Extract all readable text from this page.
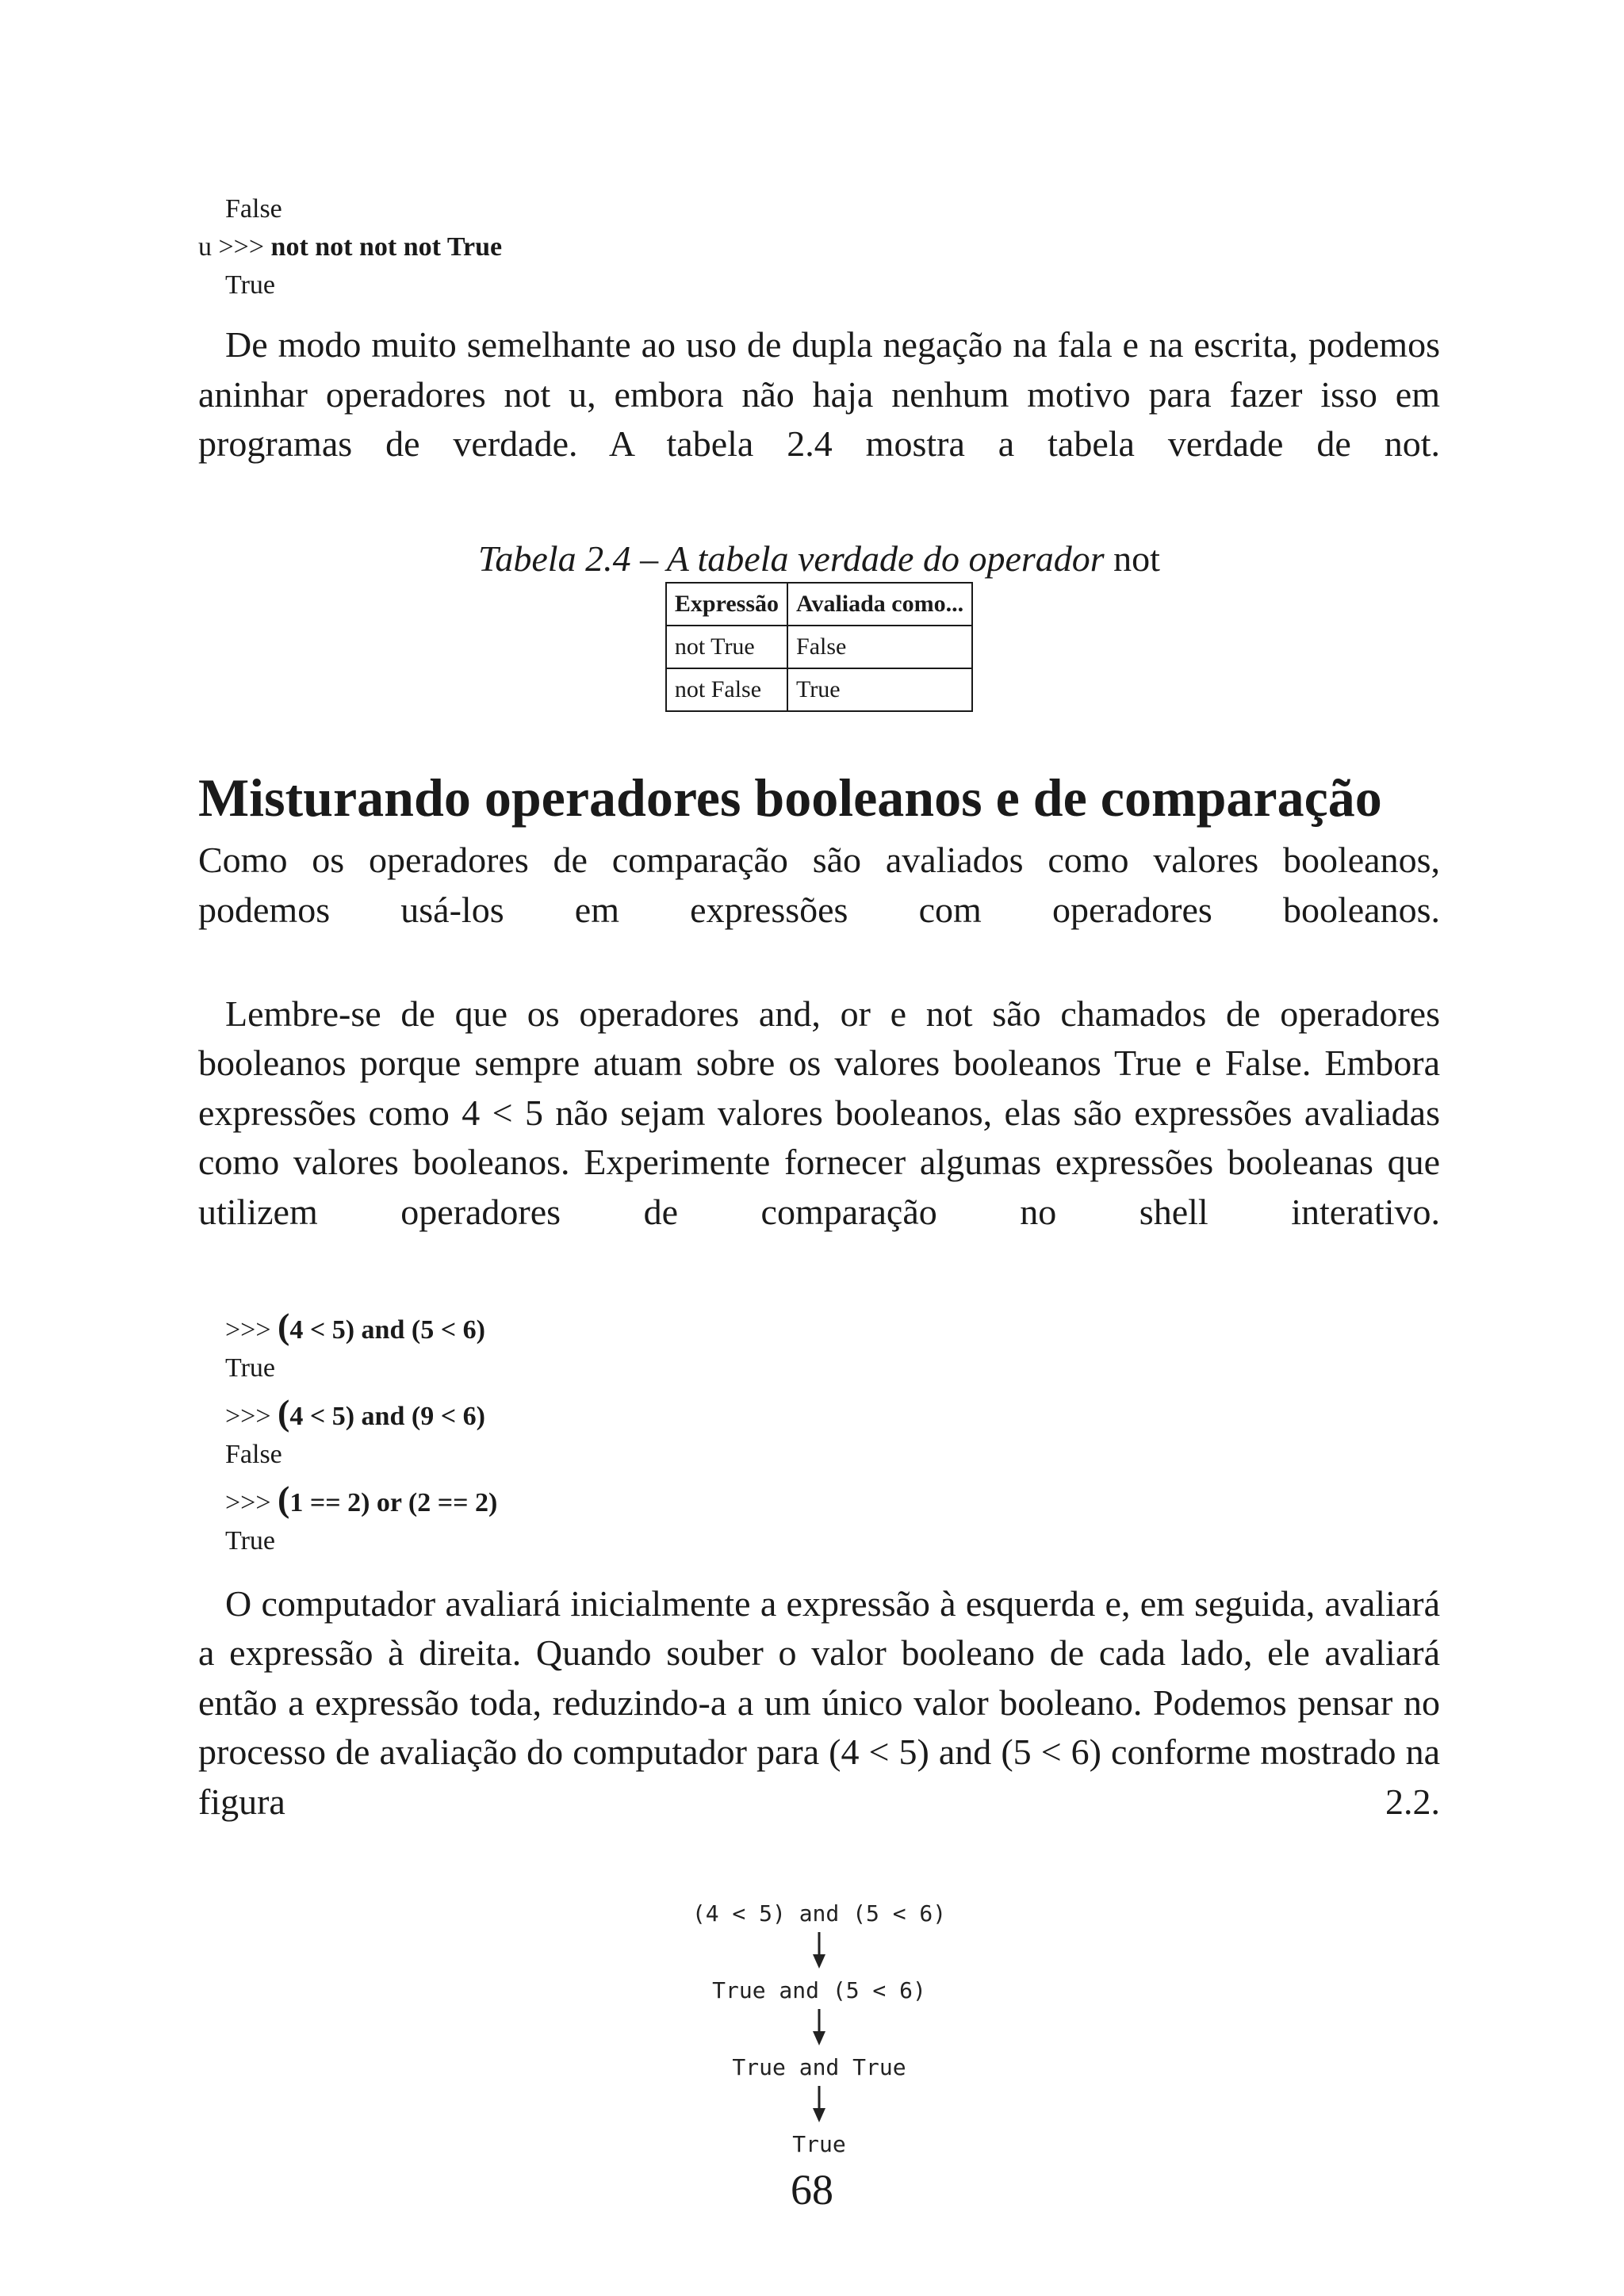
False

u >>> not not not not True

True

De modo muito semelhante ao uso de dupla negação na fala e na escrita, podemos aninhar operadores not u, embora não haja nenhum motivo para fazer isso em programas de verdade. A tabela 2.4 mostra a tabela verdade de not.

Tabela 2.4 – A tabela verdade do operador not

Expressão	Avaliada como...
not True	False
not False	True
Misturando operadores booleanos e de comparação

Como os operadores de comparação são avaliados como valores booleanos, podemos usá-los em expressões com operadores booleanos.

Lembre-se de que os operadores and, or e not são chamados de operadores booleanos porque sempre atuam sobre os valores booleanos True e False. Embora expressões como 4 < 5 não sejam valores booleanos, elas são expressões avaliadas como valores booleanos. Experimente fornecer algumas expressões booleanas que utilizem operadores de comparação no shell interativo.

>>> (4 < 5) and (5 < 6)

True

>>> (4 < 5) and (9 < 6)

False

>>> (1 == 2) or (2 == 2)

True

O computador avaliará inicialmente a expressão à esquerda e, em seguida, avaliará a expressão à direita. Quando souber o valor booleano de cada lado, ele avaliará então a expressão toda, reduzindo-a a um único valor booleano. Podemos pensar no processo de avaliação do computador para (4 < 5) and (5 < 6) conforme mostrado na figura 2.2.

(4 < 5) and (5 < 6)
True and (5 < 6)
True and True
True
68
